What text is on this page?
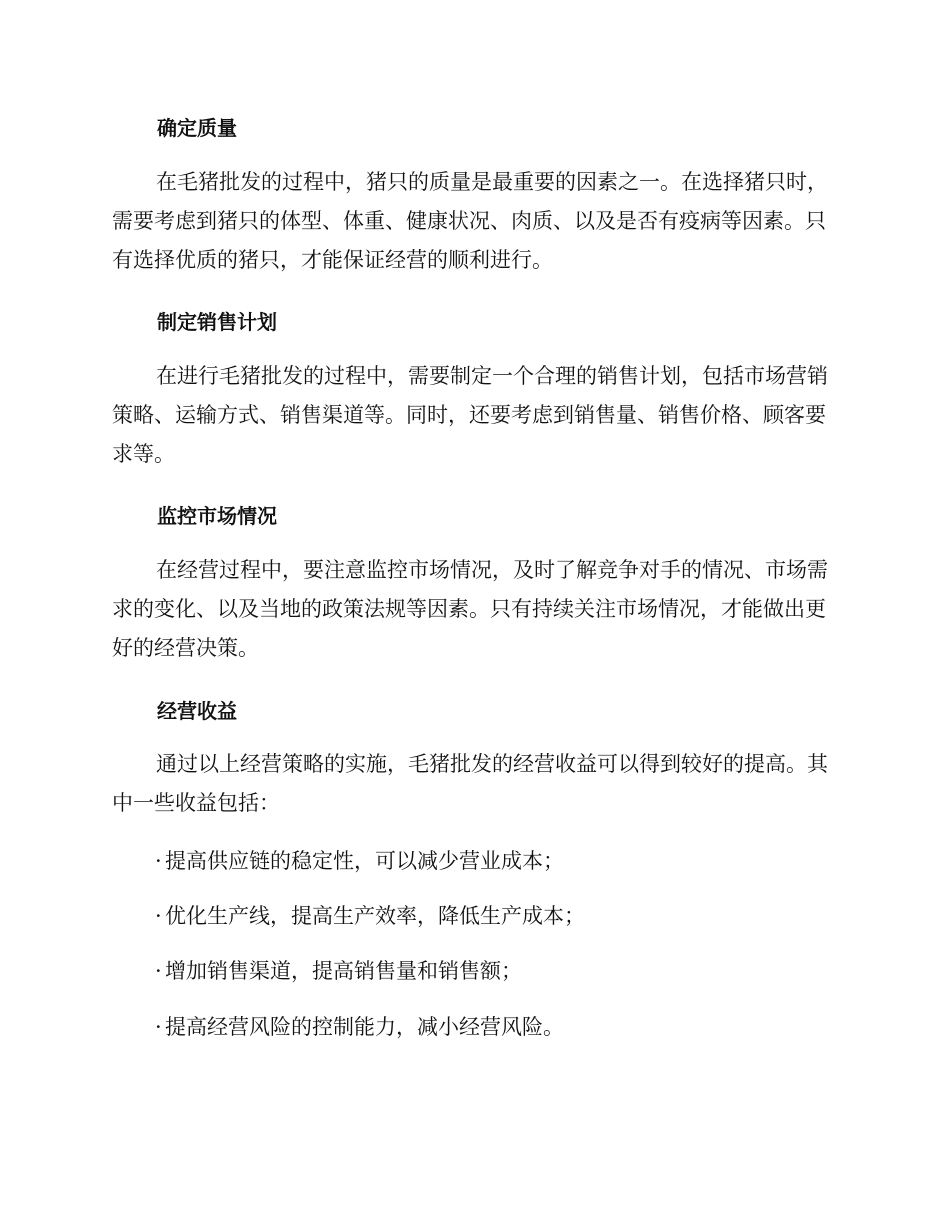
确定质量

在毛猪批发的过程中，猪只的质量是最重要的因素之一。在选择猪只时，需要考虑到猪只的体型、体重、健康状况、肉质、以及是否有疫病等因素。只有选择优质的猪只，才能保证经营的顺利进行。

制定销售计划

在进行毛猪批发的过程中，需要制定一个合理的销售计划，包括市场营销策略、运输方式、销售渠道等。同时，还要考虑到销售量、销售价格、顾客要求等。

监控市场情况

在经营过程中，要注意监控市场情况，及时了解竞争对手的情况、市场需求的变化、以及当地的政策法规等因素。只有持续关注市场情况，才能做出更好的经营决策。

经营收益

通过以上经营策略的实施，毛猪批发的经营收益可以得到较好的提高。其中一些收益包括：

· 提高供应链的稳定性，可以减少营业成本；

· 优化生产线，提高生产效率，降低生产成本；

· 增加销售渠道，提高销售量和销售额；

· 提高经营风险的控制能力，减小经营风险。
